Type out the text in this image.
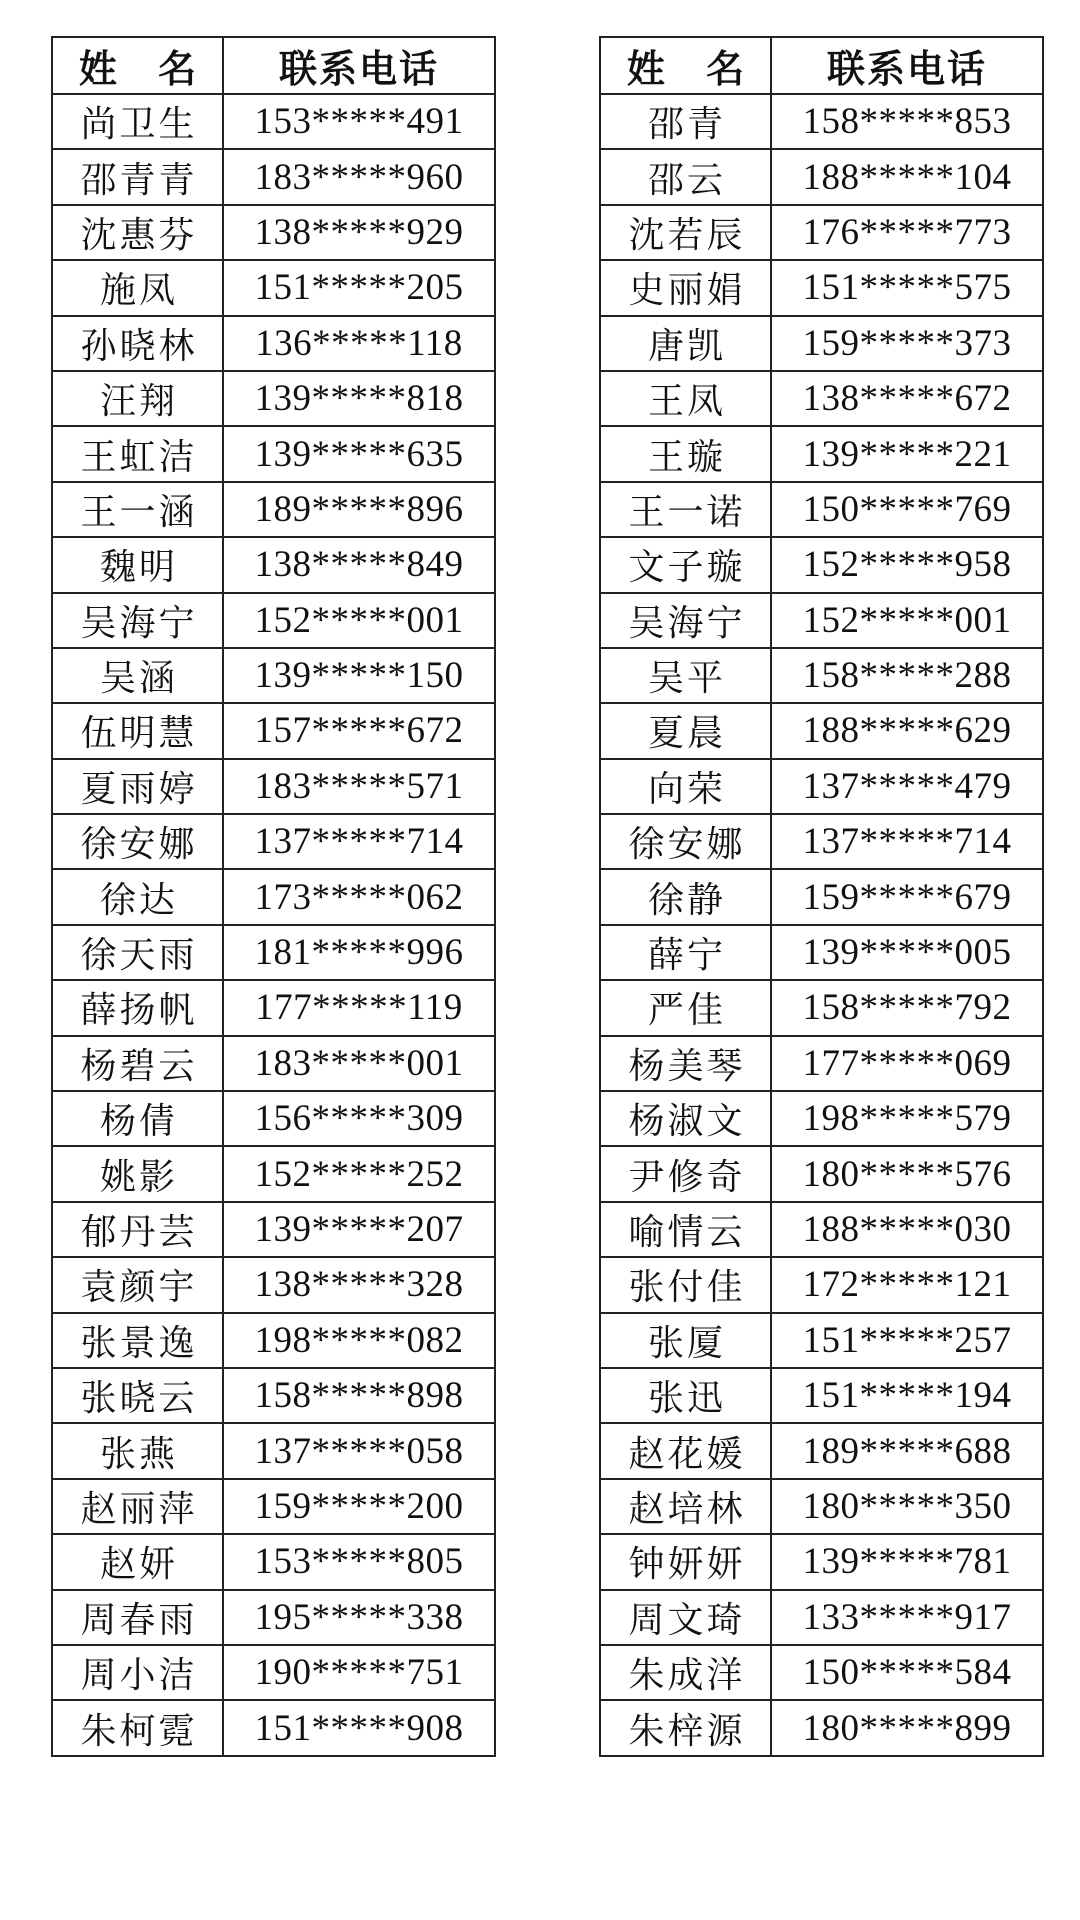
姓 名	联系电话
尚卫生	153*****491
邵青青	183*****960
沈惠芬	138*****929
施凤	151*****205
孙晓林	136*****118
汪翔	139*****818
王虹洁	139*****635
王一涵	189*****896
魏明	138*****849
吴海宁	152*****001
吴涵	139*****150
伍明慧	157*****672
夏雨婷	183*****571
徐安娜	137*****714
徐达	173*****062
徐天雨	181*****996
薛扬帆	177*****119
杨碧云	183*****001
杨倩	156*****309
姚影	152*****252
郁丹芸	139*****207
袁颜宇	138*****328
张景逸	198*****082
张晓云	158*****898
张燕	137*****058
赵丽萍	159*****200
赵妍	153*****805
周春雨	195*****338
周小洁	190*****751
朱柯霓	151*****908
姓 名	联系电话
邵青	158*****853
邵云	188*****104
沈若辰	176*****773
史丽娟	151*****575
唐凯	159*****373
王凤	138*****672
王璇	139*****221
王一诺	150*****769
文子璇	152*****958
吴海宁	152*****001
吴平	158*****288
夏晨	188*****629
向荣	137*****479
徐安娜	137*****714
徐静	159*****679
薛宁	139*****005
严佳	158*****792
杨美琴	177*****069
杨淑文	198*****579
尹修奇	180*****576
喻情云	188*****030
张付佳	172*****121
张厦	151*****257
张迅	151*****194
赵花媛	189*****688
赵培林	180*****350
钟妍妍	139*****781
周文琦	133*****917
朱成洋	150*****584
朱梓源	180*****899
